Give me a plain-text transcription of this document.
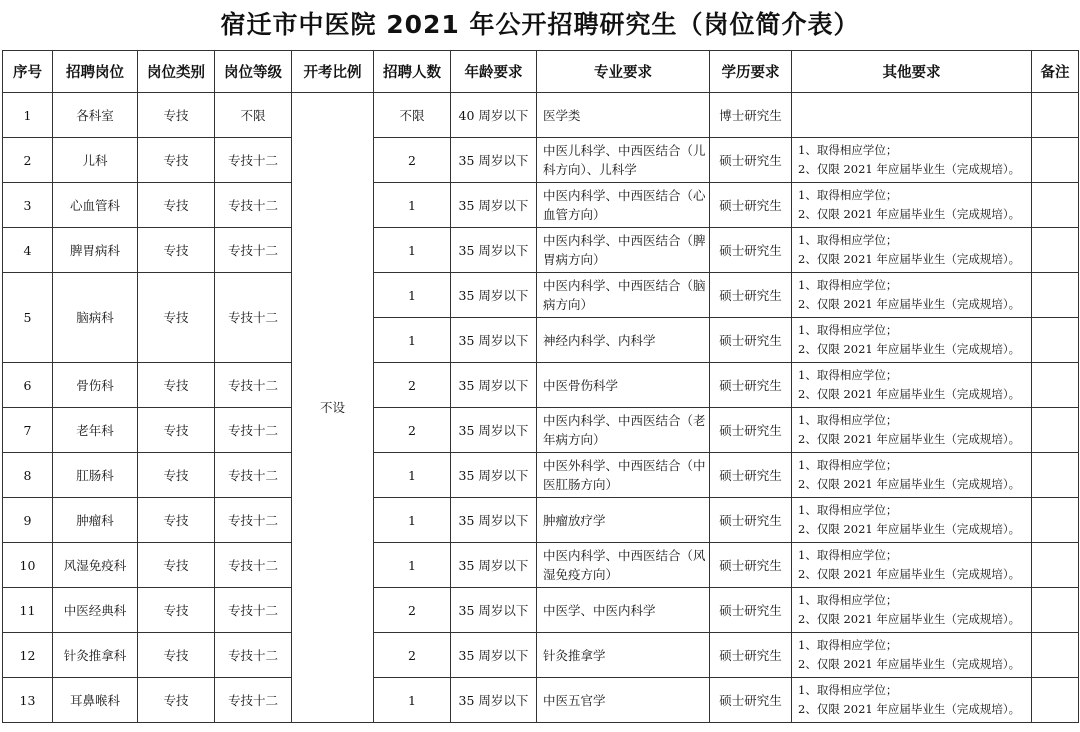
宿迁市中医院 2021 年公开招聘研究生（岗位简介表）
序号	招聘岗位	岗位类别	岗位等级	开考比例	招聘人数	年龄要求	专业要求	学历要求	其他要求	备注
1	各科室	专技	不限	不设	不限	40 周岁以下	医学类	博士研究生		
2	儿科	专技	专技十二		2	35 周岁以下	中医儿科学、中西医结合（儿科方向）、儿科学	硕士研究生	1、取得相应学位；
2、仅限 2021 年应届毕业生（完成规培）。	
3	心血管科	专技	专技十二		1	35 周岁以下	中医内科学、中西医结合（心血管方向）	硕士研究生	1、取得相应学位；
2、仅限 2021 年应届毕业生（完成规培）。	
4	脾胃病科	专技	专技十二		1	35 周岁以下	中医内科学、中西医结合（脾胃病方向）	硕士研究生	1、取得相应学位；
2、仅限 2021 年应届毕业生（完成规培）。	
5	脑病科	专技	专技十二		1	35 周岁以下	中医内科学、中西医结合（脑病方向）	硕士研究生	1、取得相应学位；
2、仅限 2021 年应届毕业生（完成规培）。	
					1	35 周岁以下	神经内科学、内科学	硕士研究生	1、取得相应学位；
2、仅限 2021 年应届毕业生（完成规培）。	
6	骨伤科	专技	专技十二		2	35 周岁以下	中医骨伤科学	硕士研究生	1、取得相应学位；
2、仅限 2021 年应届毕业生（完成规培）。	
7	老年科	专技	专技十二		2	35 周岁以下	中医内科学、中西医结合（老年病方向）	硕士研究生	1、取得相应学位；
2、仅限 2021 年应届毕业生（完成规培）。	
8	肛肠科	专技	专技十二		1	35 周岁以下	中医外科学、中西医结合（中医肛肠方向）	硕士研究生	1、取得相应学位；
2、仅限 2021 年应届毕业生（完成规培）。	
9	肿瘤科	专技	专技十二		1	35 周岁以下	肿瘤放疗学	硕士研究生	1、取得相应学位；
2、仅限 2021 年应届毕业生（完成规培）。	
10	风湿免疫科	专技	专技十二		1	35 周岁以下	中医内科学、中西医结合（风湿免疫方向）	硕士研究生	1、取得相应学位；
2、仅限 2021 年应届毕业生（完成规培）。	
11	中医经典科	专技	专技十二		2	35 周岁以下	中医学、中医内科学	硕士研究生	1、取得相应学位；
2、仅限 2021 年应届毕业生（完成规培）。	
12	针灸推拿科	专技	专技十二		2	35 周岁以下	针灸推拿学	硕士研究生	1、取得相应学位；
2、仅限 2021 年应届毕业生（完成规培）。	
13	耳鼻喉科	专技	专技十二		1	35 周岁以下	中医五官学	硕士研究生	1、取得相应学位；
2、仅限 2021 年应届毕业生（完成规培）。	
